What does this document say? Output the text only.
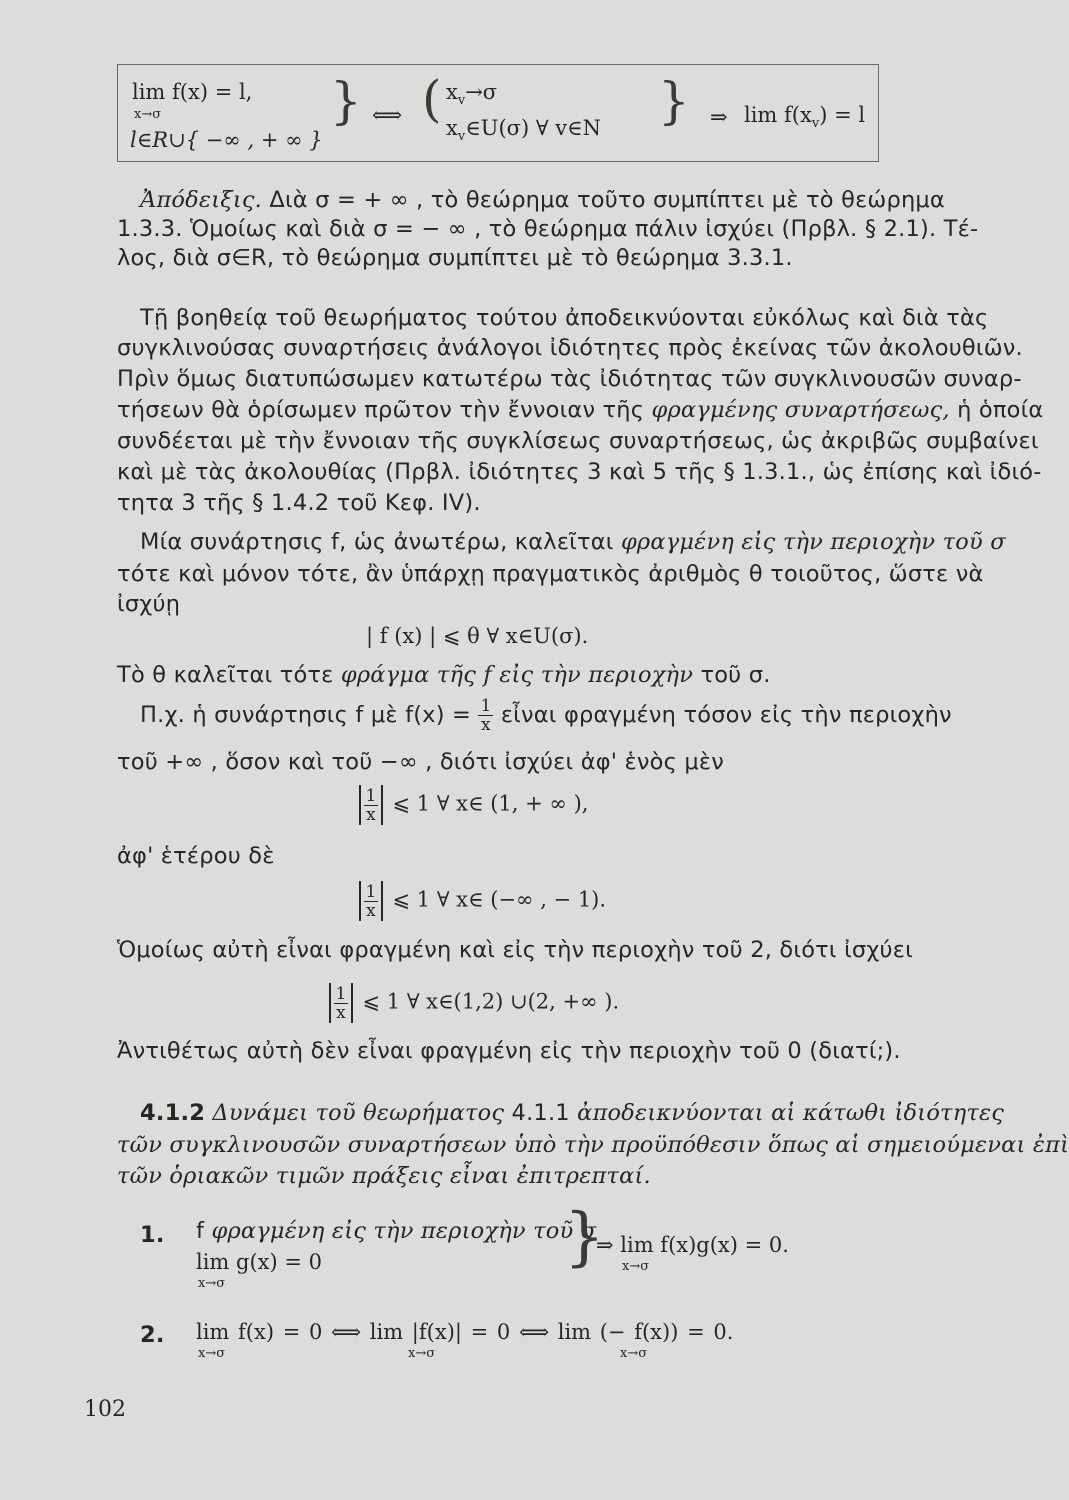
lim f(x) = l,
x→σ
l∈R∪{ −∞ , + ∞ }
} ⟺ ( $x_v\to\sigma$
$x_v\in U(\sigma)$ ∀ v∈N } ⇒ $\lim f(x_v) = l$
Ἀπόδειξις. Διὰ σ = + ∞ , τὸ θεώρημα τοῦτο συμπίπτει μὲ τὸ θεώρημα
1.3.3. Ὁμοίως καὶ διὰ σ = − ∞ , τὸ θεώρημα πάλιν ἰσχύει (Πρβλ. § 2.1). Τέ-
λος, διὰ σ∈R, τὸ θεώρημα συμπίπτει μὲ τὸ θεώρημα 3.3.1.
Τῇ βοηθείᾳ τοῦ θεωρήματος τούτου ἀποδεικνύονται εὐκόλως καὶ διὰ τὰς
συγκλινούσας συναρτήσεις ἀνάλογοι ἰδιότητες πρὸς ἐκείνας τῶν ἀκολουθιῶν.
Πρὶν ὅμως διατυπώσωμεν κατωτέρω τὰς ἰδιότητας τῶν συγκλινουσῶν συναρ-
τήσεων θὰ ὁρίσωμεν πρῶτον τὴν ἔννοιαν τῆς φραγμένης συναρτήσεως, ἡ ὁποία
συνδέεται μὲ τὴν ἔννοιαν τῆς συγκλίσεως συναρτήσεως, ὡς ἀκριβῶς συμβαίνει
καὶ μὲ τὰς ἀκολουθίας (Πρβλ. ἰδιότητες 3 καὶ 5 τῆς § 1.3.1., ὡς ἐπίσης καὶ ἰδιό-
τητα 3 τῆς § 1.4.2 τοῦ Κεφ. IV).
Μία συνάρτησις f, ὡς ἀνωτέρω, καλεῖται φραγμένη εἰς τὴν περιοχὴν τοῦ σ
τότε καὶ μόνον τότε, ἂν ὑπάρχῃ πραγματικὸς ἀριθμὸς θ τοιοῦτος, ὥστε νὰ
ἰσχύῃ
| f (x) | ⩽ θ ∀ x∈U(σ).
Τὸ θ καλεῖται τότε φράγμα τῆς f εἰς τὴν περιοχὴν τοῦ σ.
Π.χ. ἡ συνάρτησις f μὲ $f(x) = \frac{1}{x}$ εἶναι φραγμένη τόσον εἰς τὴν περιοχὴν
τοῦ +∞ , ὅσον καὶ τοῦ −∞ , διότι ἰσχύει ἀφ' ἑνὸς μὲν
$\frac{1}{x}$ ⩽ 1 ∀ x∈ (1, + ∞ ),
ἀφ' ἑτέρου δὲ
$\frac{1}{x}$ ⩽ 1 ∀ x∈ (−∞ , − 1).
Ὁμοίως αὐτὴ εἶναι φραγμένη καὶ εἰς τὴν περιοχὴν τοῦ 2, διότι ἰσχύει
$\frac{1}{x}$ ⩽ 1 ∀ x∈(1,2) ∪(2, +∞ ).
Ἀντιθέτως αὐτὴ δὲν εἶναι φραγμένη εἰς τὴν περιοχὴν τοῦ 0 (διατί;).
4.1.2 Δυνάμει τοῦ θεωρήματος 4.1.1 ἀποδεικνύονται αἱ κάτωθι ἰδιότητες
τῶν συγκλινουσῶν συναρτήσεων ὑπὸ τὴν προϋπόθεσιν ὅπως αἱ σημειούμεναι ἐπὶ
τῶν ὁριακῶν τιμῶν πράξεις εἶναι ἐπιτρεπταί.
1. f φραγμένη εἰς τὴν περιοχὴν τοῦ σ
lim g(x) = 0
x→σ
}
⇒ lim f(x)g(x) = 0.
x→σ
2. lim f(x) = 0 ⟺ lim |f(x)| = 0 ⟺ lim (− f(x)) = 0.
x→σ	x→σ	x→σ
102
